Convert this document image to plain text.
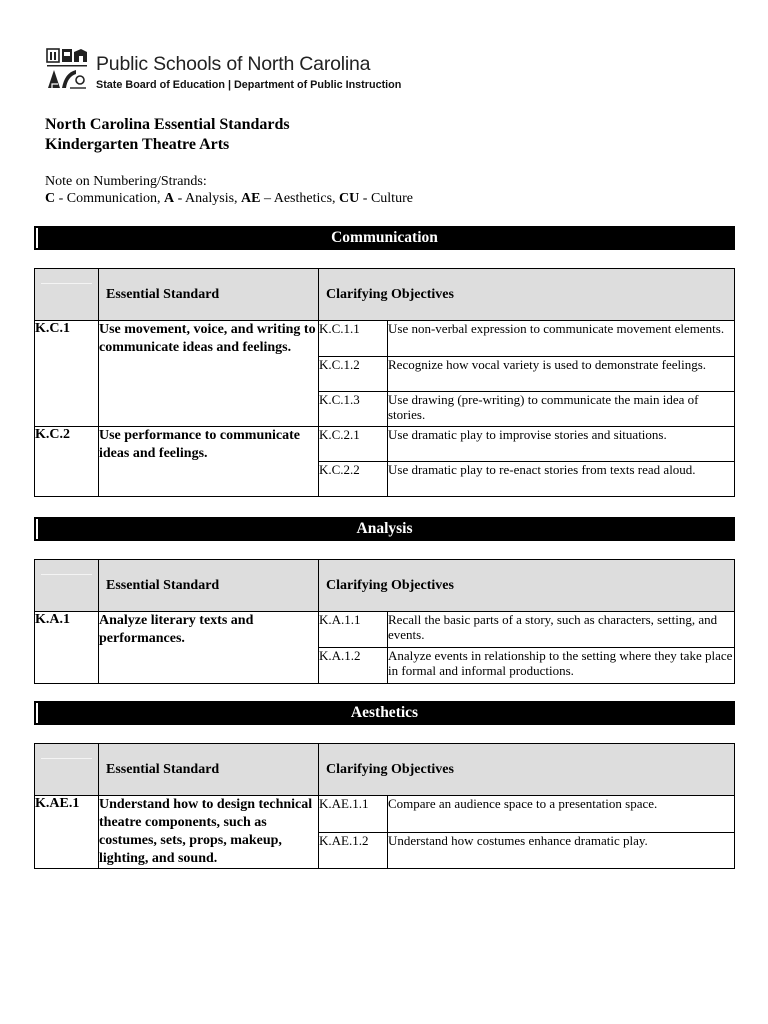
Public Schools of North Carolina
State Board of Education | Department of Public Instruction
North Carolina Essential Standards
Kindergarten Theatre Arts
Note on Numbering/Strands:
C - Communication, A - Analysis, AE – Aesthetics, CU - Culture
Communication
	Essential Standard	Clarifying Objectives	
K.C.1	Use movement, voice, and writing to communicate ideas and feelings.	K.C.1.1	Use non-verbal expression to communicate movement elements.
		K.C.1.2	Recognize how vocal variety is used to demonstrate feelings.
		K.C.1.3	Use drawing (pre-writing) to communicate the main idea of stories.
K.C.2	Use performance to communicate ideas and feelings.	K.C.2.1	Use dramatic play to improvise stories and situations.
		K.C.2.2	Use dramatic play to re-enact stories from texts read aloud.
Analysis
	Essential Standard	Clarifying Objectives	
K.A.1	Analyze literary texts and performances.	K.A.1.1	Recall the basic parts of a story, such as characters, setting, and events.
		K.A.1.2	Analyze events in relationship to the setting where they take place in formal and informal productions.
Aesthetics
	Essential Standard	Clarifying Objectives	
K.AE.1	Understand how to design technical theatre components, such as costumes, sets, props, makeup, lighting, and sound.	K.AE.1.1	Compare an audience space to a presentation space.
		K.AE.1.2	Understand how costumes enhance dramatic play.
